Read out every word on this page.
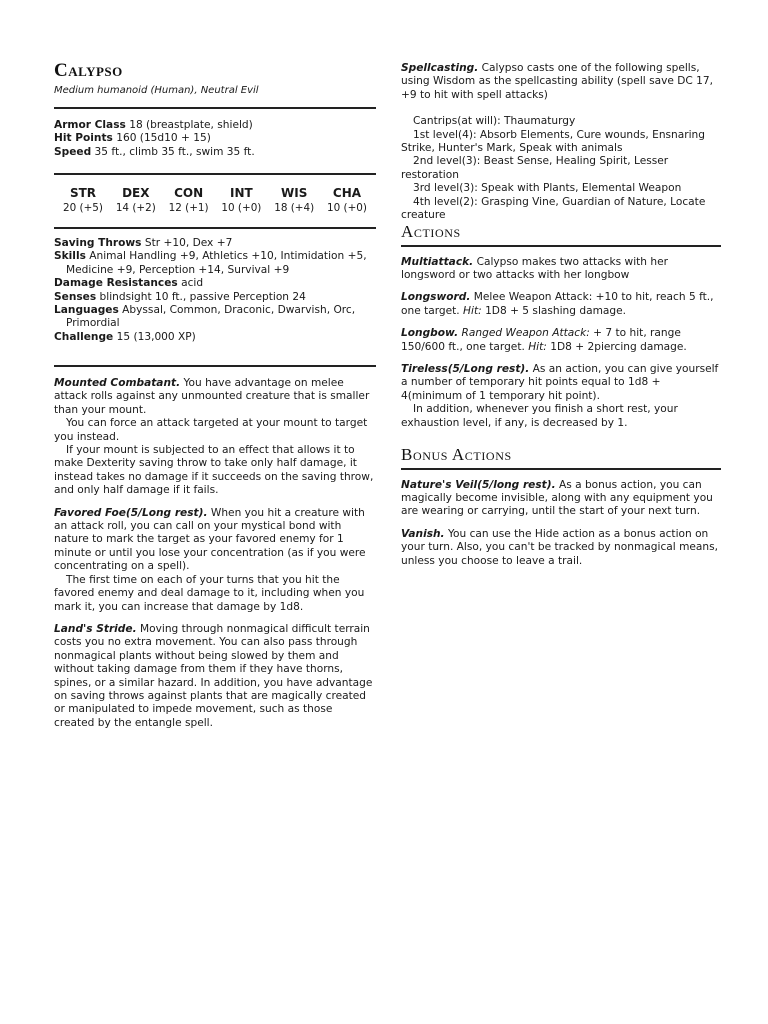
Calypso
Medium humanoid (Human), Neutral Evil

Armor Class 18 (breastplate, shield)

Hit Points 160 (15d10 + 15)

Speed 35 ft., climb 35 ft., swim 35 ft.

STR
20 (+5)
DEX
14 (+2)
CON
12 (+1)
INT
10 (+0)
WIS
18 (+4)
CHA
10 (+0)

Saving Throws Str +10, Dex +7

Skills Animal Handling +9, Athletics +10, Intimidation +5, Medicine +9, Perception +14, Survival +9

Damage Resistances acid

Senses blindsight 10 ft., passive Perception 24

Languages Abyssal, Common, Draconic, Dwarvish, Orc, Primordial

Challenge 15 (13,000 XP)

Mounted Combatant. You have advantage on melee attack rolls against any unmounted creature that is smaller than your mount.

You can force an attack targeted at your mount to target you instead.

If your mount is subjected to an effect that allows it to make Dexterity saving throw to take only half damage, it instead takes no damage if it succeeds on the saving throw, and only half damage if it fails.

Favored Foe(5/Long rest). When you hit a creature with an attack roll, you can call on your mystical bond with nature to mark the target as your favored enemy for 1 minute or until you lose your concentration (as if you were concentrating on a spell).

The first time on each of your turns that you hit the favored enemy and deal damage to it, including when you mark it, you can increase that damage by 1d8.

Land's Stride. Moving through nonmagical difficult terrain costs you no extra movement. You can also pass through nonmagical plants without being slowed by them and without taking damage from them if they have thorns, spines, or a similar hazard. In addition, you have advantage on saving throws against plants that are magically created or manipulated to impede movement, such as those created by the entangle spell.

Spellcasting. Calypso casts one of the following spells, using Wisdom as the spellcasting ability (spell save DC 17, +9 to hit with spell attacks)

Cantrips(at will): Thaumaturgy

1st level(4): Absorb Elements, Cure wounds, Ensnaring Strike, Hunter's Mark, Speak with animals

2nd level(3): Beast Sense, Healing Spirit, Lesser restoration

3rd level(3): Speak with Plants, Elemental Weapon

4th level(2): Grasping Vine, Guardian of Nature, Locate creature

Actions

Multiattack. Calypso makes two attacks with her longsword or two attacks with her longbow

Longsword. Melee Weapon Attack: +10 to hit, reach 5 ft., one target. Hit: 1D8 + 5 slashing damage.

Longbow. Ranged Weapon Attack: + 7 to hit, range 150/600 ft., one target. Hit: 1D8 + 2piercing damage.

Tireless(5/Long rest). As an action, you can give yourself a number of temporary hit points equal to 1d8 + 4(minimum of 1 temporary hit point).

In addition, whenever you finish a short rest, your exhaustion level, if any, is decreased by 1.

Bonus Actions

Nature's Veil(5/long rest). As a bonus action, you can magically become invisible, along with any equipment you are wearing or carrying, until the start of your next turn.

Vanish. You can use the Hide action as a bonus action on your turn. Also, you can't be tracked by nonmagical means, unless you choose to leave a trail.
